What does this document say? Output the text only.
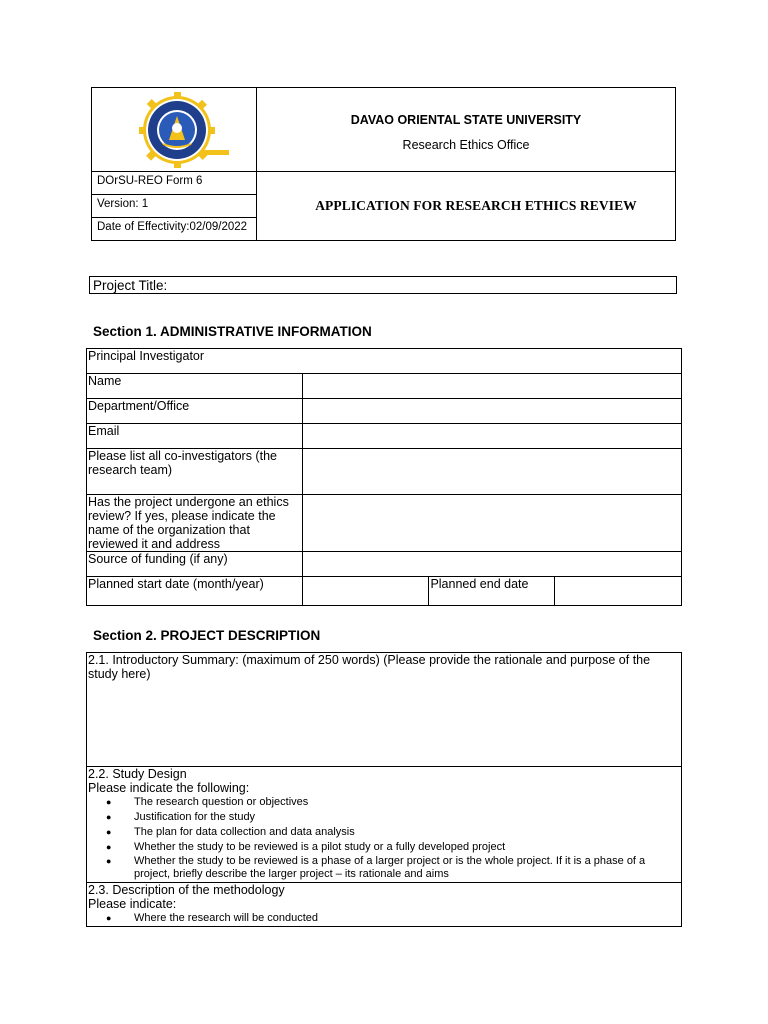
DAVAO ORIENTAL STATE UNIVERSITY
Research Ethics Office

DOrSU-REO Form 6	APPLICATION FOR RESEARCH ETHICS REVIEW
Version: 1	
Date of Effectivity:02/09/2022	
Project Title:
Section 1. ADMINISTRATIVE INFORMATION
Principal Investigator			
Name			
Department/Office			
Email			
Please list all co-investigators (the research team)			
Has the project undergone an ethics review? If yes, please indicate the name of the organization that reviewed it and address			
Source of funding (if any)			
Planned start date (month/year)		Planned end date	
Section 2. PROJECT DESCRIPTION
2.1. Introductory Summary: (maximum of 250 words) (Please provide the rationale and purpose of the study here)

2.2. Study Design
Please indicate the following:
● The research question or objectives
● Justification for the study
● The plan for data collection and data analysis
● Whether the study to be reviewed is a pilot study or a fully developed project
● Whether the study to be reviewed is a phase of a larger project or is the whole project. If it is a phase of a project, briefly describe the larger project – its rationale and aims

2.3. Description of the methodology
Please indicate:
● Where the research will be conducted
